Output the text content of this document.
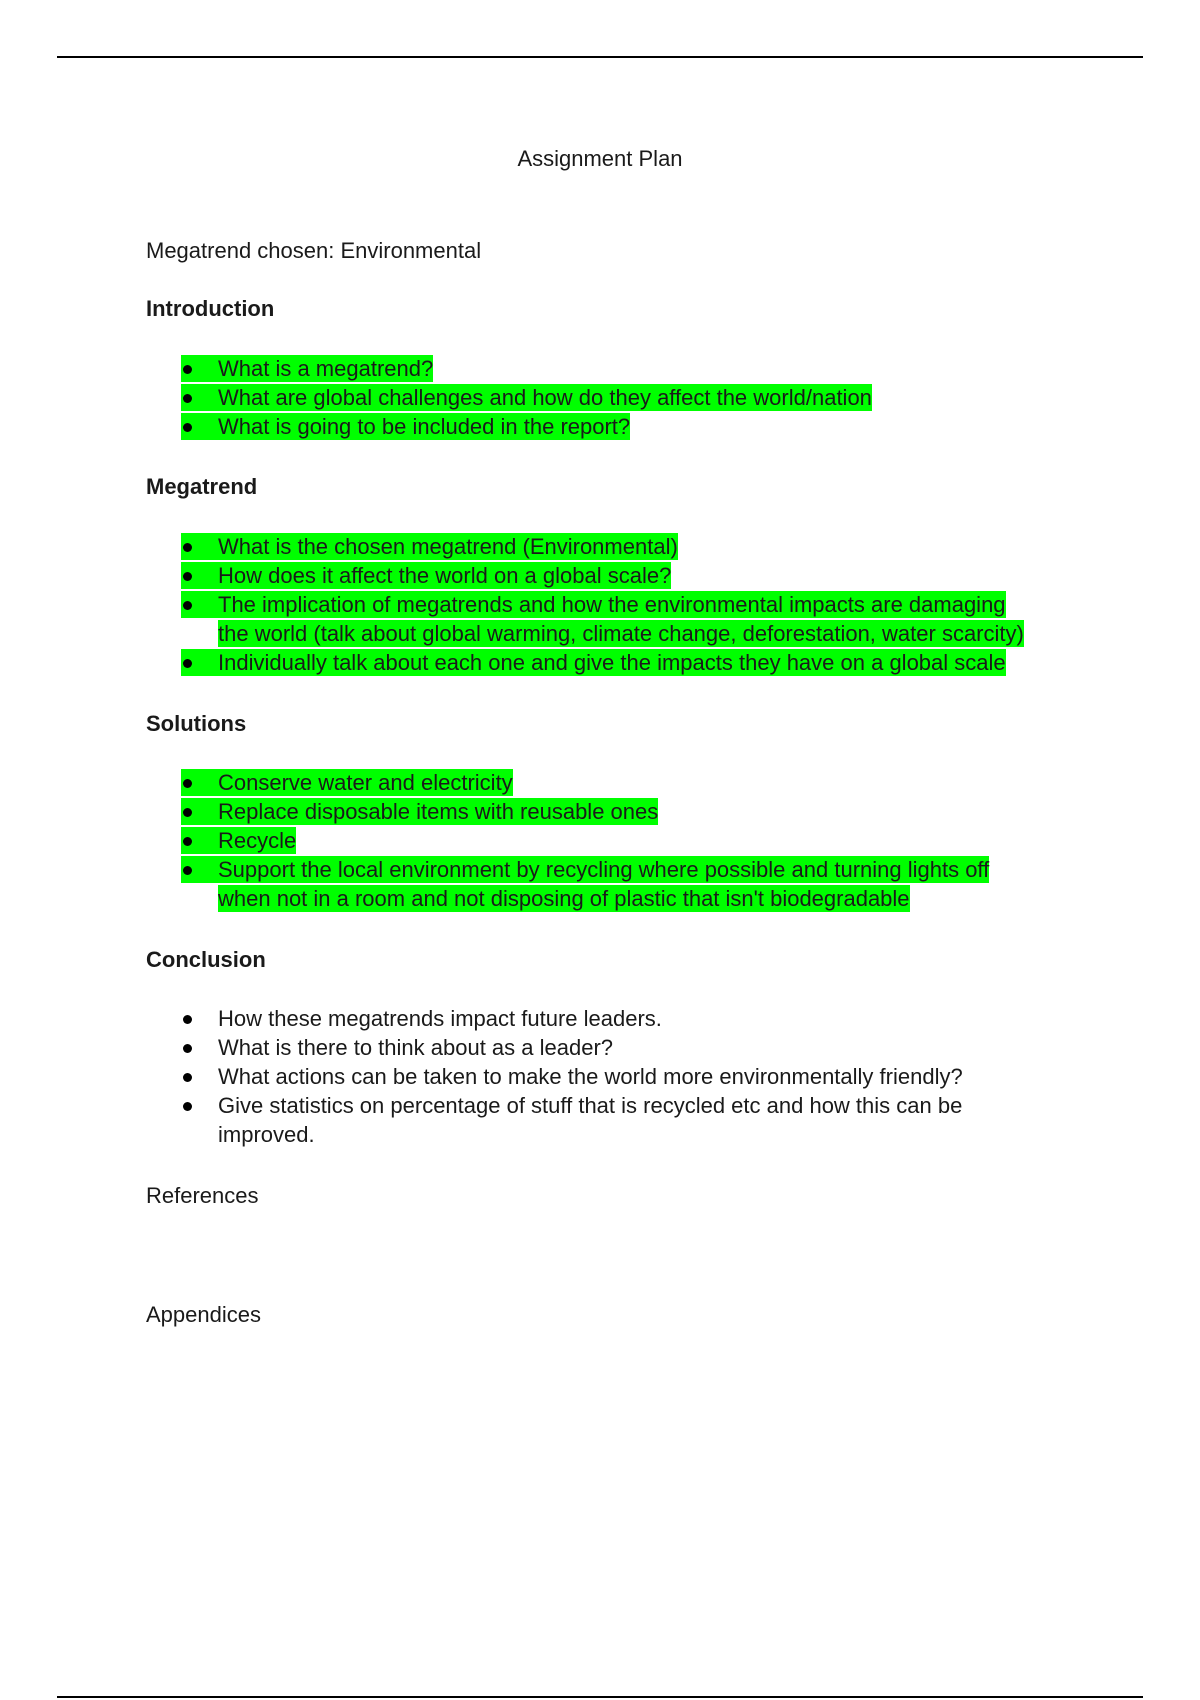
Assignment Plan
Megatrend chosen: Environmental
Introduction
What is a megatrend?
What are global challenges and how do they affect the world/nation
What is going to be included in the report?
Megatrend
What is the chosen megatrend (Environmental)
How does it affect the world on a global scale?
The implication of megatrends and how the environmental impacts are damaging
the world (talk about global warming, climate change, deforestation, water scarcity)
Individually talk about each one and give the impacts they have on a global scale
Solutions
Conserve water and electricity
Replace disposable items with reusable ones
Recycle
Support the local environment by recycling where possible and turning lights off
when not in a room and not disposing of plastic that isn't biodegradable
Conclusion
How these megatrends impact future leaders.
What is there to think about as a leader?
What actions can be taken to make the world more environmentally friendly?
Give statistics on percentage of stuff that is recycled etc and how this can be
improved.
References
Appendices
